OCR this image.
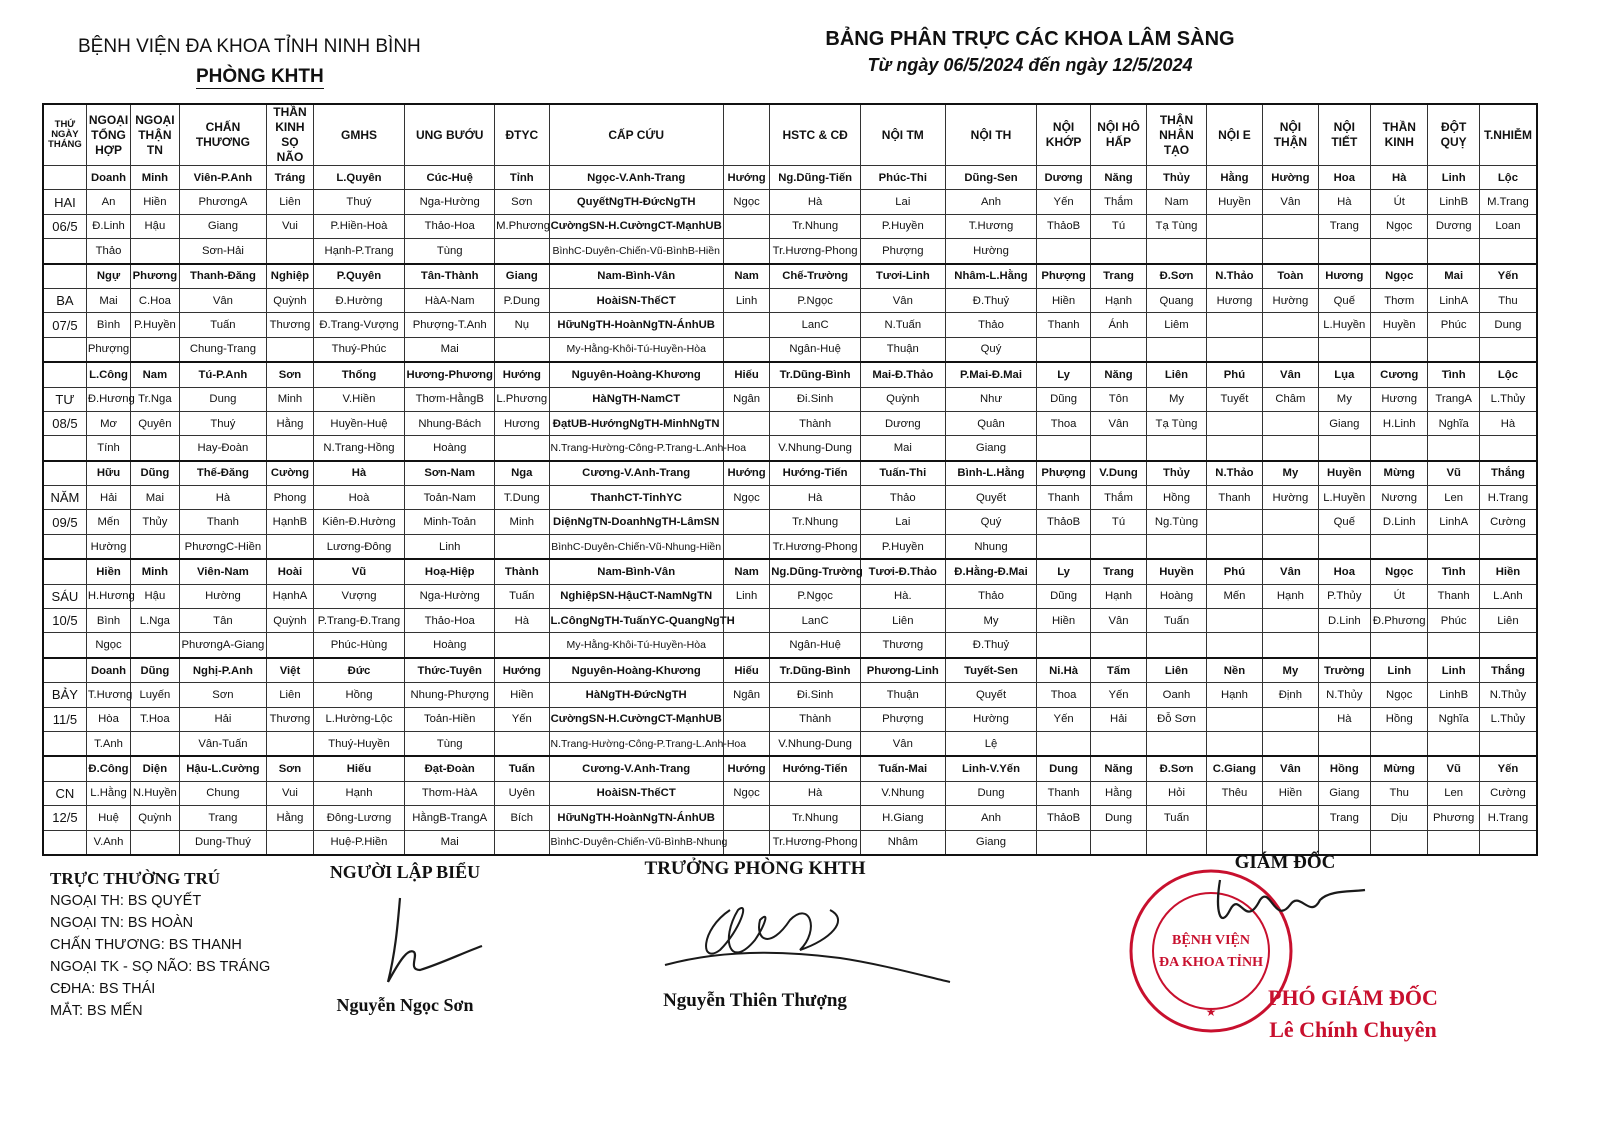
BỆNH VIỆN ĐA KHOA TỈNH NINH BÌNH
PHÒNG KHTH
BẢNG PHÂN TRỰC CÁC KHOA LÂM SÀNG
Từ ngày 06/5/2024 đến ngày 12/5/2024
THỨ NGÀY THÁNG	NGOẠI TỔNG HỢP	NGOẠI THẬN TN	CHẤN THƯƠNG	THẦN KINH SỌ NÃO	GMHS	UNG BƯỚU	ĐTYC	CẤP CỨU		HSTC & CĐ	NỘI TM	NỘI TH	NỘI KHỚP	NỘI HÔ HẤP	THẬN NHÂN TẠO	NỘI E	NỘI THẬN	NỘI TIẾT	THẦN KINH	ĐỘT QUỴ	T.NHIỄM
	Doanh	Minh	Viên-P.Anh	Tráng	L.Quyên	Cúc-Huệ	Tỉnh	Ngọc-V.Anh-Trang	Hướng	Ng.Dũng-Tiến	Phúc-Thi	Dũng-Sen	Dương	Năng	Thủy	Hằng	Hường	Hoa	Hà	Linh	Lộc
HAI	An	Hiền	PhươngA	Liên	Thuý	Nga-Hường	Sơn	QuyếtNgTH-ĐứcNgTH	Ngọc	Hà	Lai	Anh	Yến	Thắm	Nam	Huyền	Vân	Hà	Út	LinhB	M.Trang
06/5	Đ.Linh	Hậu	Giang	Vui	P.Hiền-Hoà	Thảo-Hoa	M.Phương	CườngSN-H.CườngCT-MạnhUB		Tr.Nhung	P.Huyền	T.Hương	ThảoB	Tú	Tạ Tùng			Trang	Ngọc	Dương	Loan
	Thảo		Sơn-Hải		Hạnh-P.Trang	Tùng		BìnhC-Duyên-Chiến-Vũ-BìnhB-Hiền		Tr.Hương-Phong	Phượng	Hường									
	Ngự	Phương	Thanh-Đăng	Nghiệp	P.Quyên	Tân-Thành	Giang	Nam-Bình-Vân	Nam	Chế-Trường	Tươi-Linh	Nhâm-L.Hằng	Phượng	Trang	Đ.Sơn	N.Thảo	Toàn	Hương	Ngọc	Mai	Yến
BA	Mai	C.Hoa	Vân	Quỳnh	Đ.Hường	HàA-Nam	P.Dung	HoàiSN-ThếCT	Linh	P.Ngọc	Vân	Đ.Thuỷ	Hiền	Hạnh	Quang	Hương	Hường	Quế	Thơm	LinhA	Thu
07/5	Bình	P.Huyền	Tuấn	Thương	Đ.Trang-Vượng	Phượng-T.Anh	Nụ	HữuNgTH-HoànNgTN-ÁnhUB		LanC	N.Tuấn	Thảo	Thanh	Ánh	Liêm			L.Huyền	Huyền	Phúc	Dung
	Phượng		Chung-Trang		Thuý-Phúc	Mai		My-Hằng-Khôi-Tú-Huyền-Hòa		Ngân-Huệ	Thuận	Quý									
	L.Công	Nam	Tú-P.Anh	Sơn	Thống	Hương-Phương	Hướng	Nguyên-Hoàng-Khương	Hiếu	Tr.Dũng-Bình	Mai-Đ.Thảo	P.Mai-Đ.Mai	Ly	Năng	Liên	Phú	Vân	Lụa	Cương	Tình	Lộc
TƯ	Đ.Hương	Tr.Nga	Dung	Minh	V.Hiền	Thơm-HằngB	L.Phương	HàNgTH-NamCT	Ngân	Đi.Sinh	Quỳnh	Như	Dũng	Tôn	My	Tuyết	Châm	My	Hương	TrangA	L.Thủy
08/5	Mơ	Quyên	Thuý	Hằng	Huyền-Huệ	Nhung-Bách	Hương	ĐạtUB-HướngNgTH-MinhNgTN		Thành	Dương	Quân	Thoa	Vân	Tạ Tùng			Giang	H.Linh	Nghĩa	Hà
	Tính		Hay-Đoàn		N.Trang-Hồng	Hoàng		N.Trang-Hường-Công-P.Trang-L.Anh-Hoa		V.Nhung-Dung	Mai	Giang									
	Hữu	Dũng	Thế-Đăng	Cường	Hà	Sơn-Nam	Nga	Cương-V.Anh-Trang	Hướng	Hướng-Tiến	Tuấn-Thi	Bình-L.Hằng	Phượng	V.Dung	Thủy	N.Thảo	My	Huyền	Mừng	Vũ	Thắng
NĂM	Hải	Mai	Hà	Phong	Hoà	Toản-Nam	T.Dung	ThanhCT-TinhYC	Ngọc	Hà	Thảo	Quyết	Thanh	Thắm	Hồng	Thanh	Hường	L.Huyền	Nương	Len	H.Trang
09/5	Mến	Thủy	Thanh	HạnhB	Kiên-Đ.Hường	Minh-Toản	Minh	DiệnNgTN-DoanhNgTH-LâmSN		Tr.Nhung	Lai	Quý	ThảoB	Tú	Ng.Tùng			Quế	D.Linh	LinhA	Cường
	Hường		PhươngC-Hiền		Lương-Đông	Linh		BìnhC-Duyên-Chiến-Vũ-Nhung-Hiền		Tr.Hương-Phong	P.Huyền	Nhung									
	Hiền	Minh	Viên-Nam	Hoài	Vũ	Hoạ-Hiệp	Thành	Nam-Bình-Vân	Nam	Ng.Dũng-Trường	Tươi-Đ.Thảo	Đ.Hằng-Đ.Mai	Ly	Trang	Huyền	Phú	Vân	Hoa	Ngọc	Tình	Hiền
SÁU	H.Hương	Hậu	Hường	HạnhA	Vượng	Nga-Hường	Tuấn	NghiệpSN-HậuCT-NamNgTN	Linh	P.Ngọc	Hà.	Thảo	Dũng	Hạnh	Hoàng	Mến	Hạnh	P.Thủy	Út	Thanh	L.Anh
10/5	Bình	L.Nga	Tân	Quỳnh	P.Trang-Đ.Trang	Thảo-Hoa	Hà	L.CôngNgTH-TuấnYC-QuangNgTH		LanC	Liên	My	Hiền	Vân	Tuấn			D.Linh	Đ.Phương	Phúc	Liên
	Ngọc		PhươngA-Giang		Phúc-Hùng	Hoàng		My-Hằng-Khôi-Tú-Huyền-Hòa		Ngân-Huệ	Thương	Đ.Thuỷ									
	Doanh	Dũng	Nghị-P.Anh	Việt	Đức	Thức-Tuyên	Hướng	Nguyên-Hoàng-Khương	Hiếu	Tr.Dũng-Bình	Phương-Linh	Tuyết-Sen	Ni.Hà	Tấm	Liên	Nền	My	Trường	Linh	Linh	Thắng
BẢY	T.Hương	Luyến	Sơn	Liên	Hồng	Nhung-Phượng	Hiền	HàNgTH-ĐứcNgTH	Ngân	Đi.Sinh	Thuận	Quyết	Thoa	Yến	Oanh	Hạnh	Định	N.Thủy	Ngọc	LinhB	N.Thủy
11/5	Hòa	T.Hoa	Hải	Thương	L.Hường-Lộc	Toản-Hiền	Yến	CườngSN-H.CườngCT-MạnhUB		Thành	Phượng	Hường	Yến	Hải	Đỗ Sơn			Hà	Hồng	Nghĩa	L.Thủy
	T.Anh		Vân-Tuấn		Thuý-Huyền	Tùng		N.Trang-Hường-Công-P.Trang-L.Anh-Hoa		V.Nhung-Dung	Vân	Lệ									
	Đ.Công	Diện	Hậu-L.Cường	Sơn	Hiếu	Đạt-Đoàn	Tuấn	Cương-V.Anh-Trang	Hướng	Hướng-Tiến	Tuấn-Mai	Linh-V.Yến	Dung	Năng	Đ.Sơn	C.Giang	Vân	Hồng	Mừng	Vũ	Yến
CN	L.Hằng	N.Huyền	Chung	Vui	Hạnh	Thơm-HàA	Uyên	HoàiSN-ThếCT	Ngọc	Hà	V.Nhung	Dung	Thanh	Hằng	Hỏi	Thêu	Hiền	Giang	Thu	Len	Cường
12/5	Huệ	Quỳnh	Trang	Hằng	Đông-Lương	HằngB-TrangA	Bích	HữuNgTH-HoànNgTN-ÁnhUB		Tr.Nhung	H.Giang	Anh	ThảoB	Dung	Tuấn			Trang	Dịu	Phương	H.Trang
	V.Anh		Dung-Thuý		Huệ-P.Hiền	Mai		BìnhC-Duyên-Chiến-Vũ-BìnhB-Nhung		Tr.Hương-Phong	Nhâm	Giang									
TRỰC THƯỜNG TRÚ
NGOẠI TH: BS QUYẾT
NGOẠI TN: BS HOÀN
CHẤN THƯƠNG: BS THANH
NGOẠI TK - SỌ NÃO: BS TRÁNG
CĐHA: BS THÁI
MẮT: BS MẾN
NGƯỜI LẬP BIỂU
Nguyễn Ngọc Sơn
TRƯỞNG PHÒNG KHTH
Nguyễn Thiên Thượng
GIÁM ĐỐC
BỆNH VIỆN
ĐA KHOA TỈNH
★
PHÓ GIÁM ĐỐC
Lê Chính Chuyên
